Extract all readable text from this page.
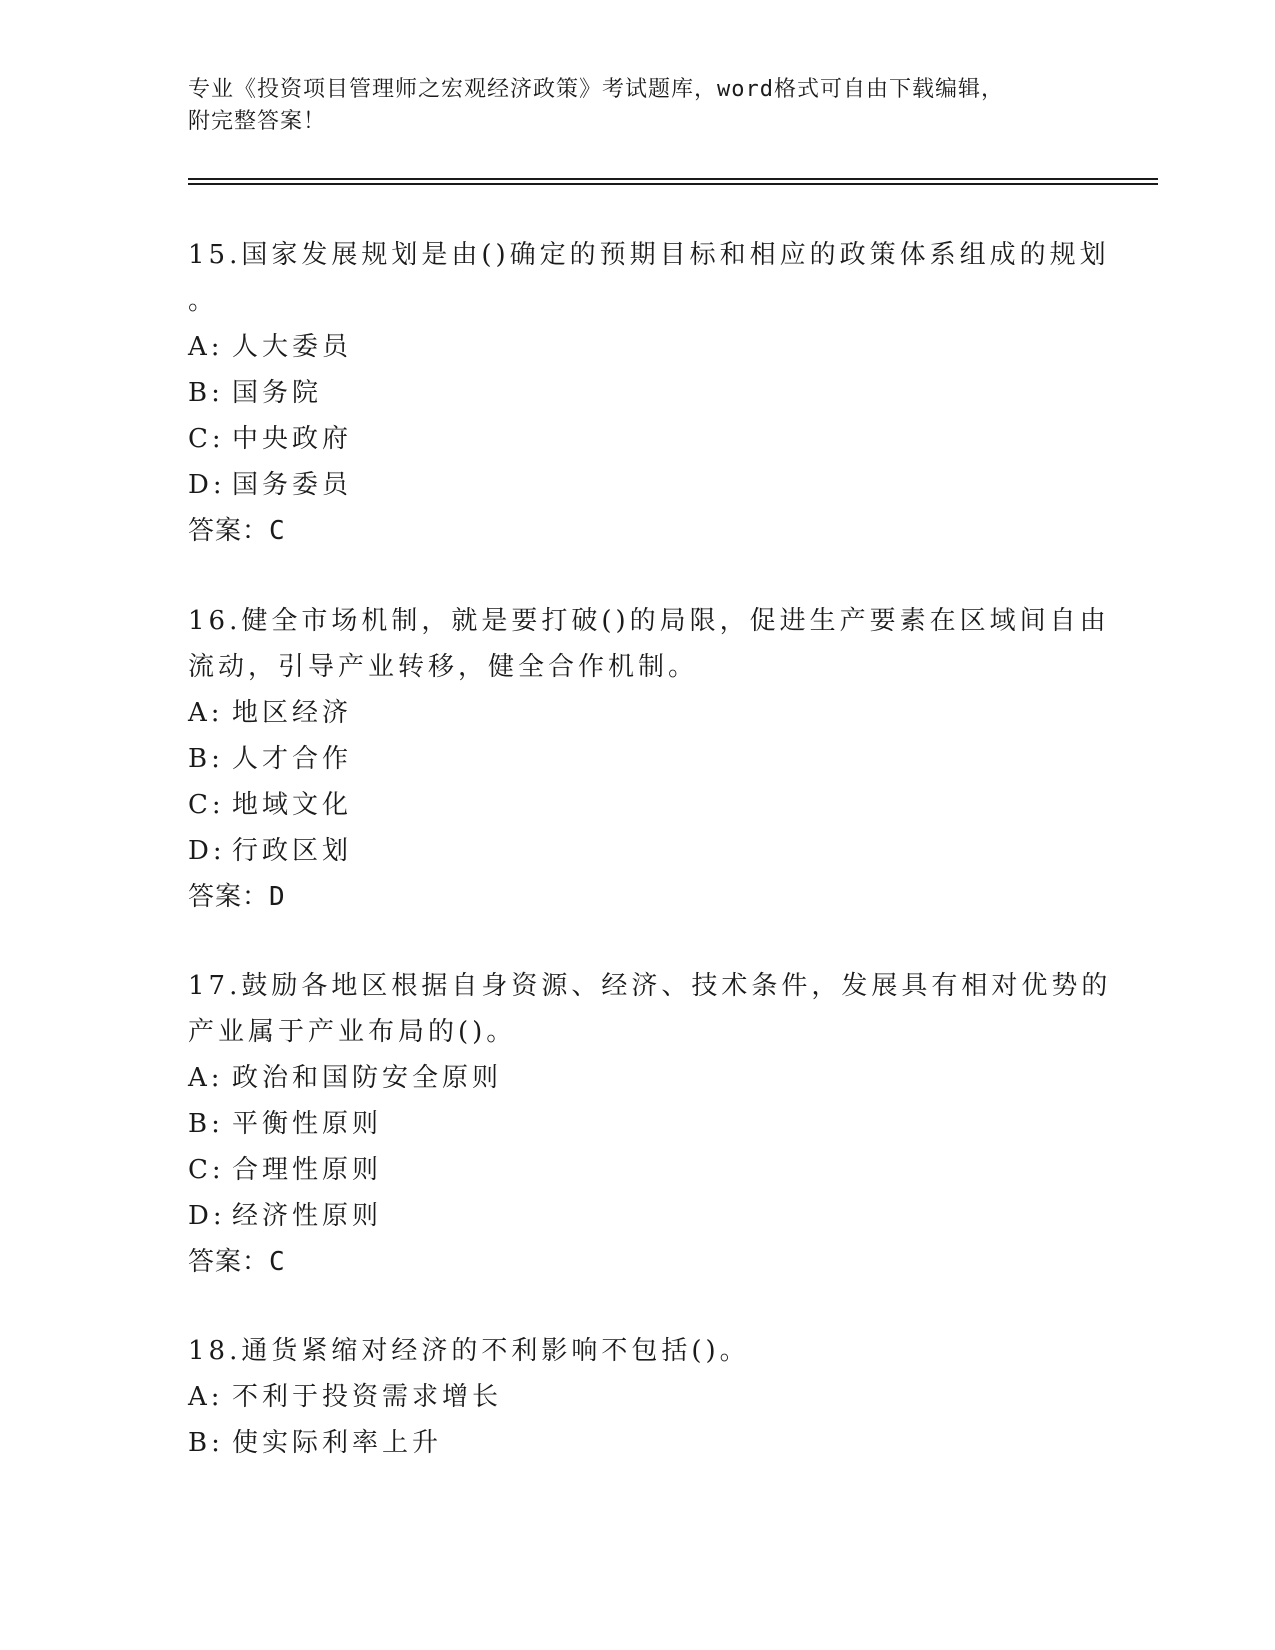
专业《投资项目管理师之宏观经济政策》考试题库，word格式可自由下载编辑，
附完整答案！
15.国家发展规划是由()确定的预期目标和相应的政策体系组成的规划
。
A: 人大委员
B: 国务院
C: 中央政府
D: 国务委员
答案：C
16.健全市场机制，就是要打破()的局限，促进生产要素在区域间自由
流动，引导产业转移，健全合作机制。
A: 地区经济
B: 人才合作
C: 地域文化
D: 行政区划
答案：D
17.鼓励各地区根据自身资源、经济、技术条件，发展具有相对优势的
产业属于产业布局的()。
A: 政治和国防安全原则
B: 平衡性原则
C: 合理性原则
D: 经济性原则
答案：C
18.通货紧缩对经济的不利影响不包括()。
A: 不利于投资需求增长
B: 使实际利率上升
